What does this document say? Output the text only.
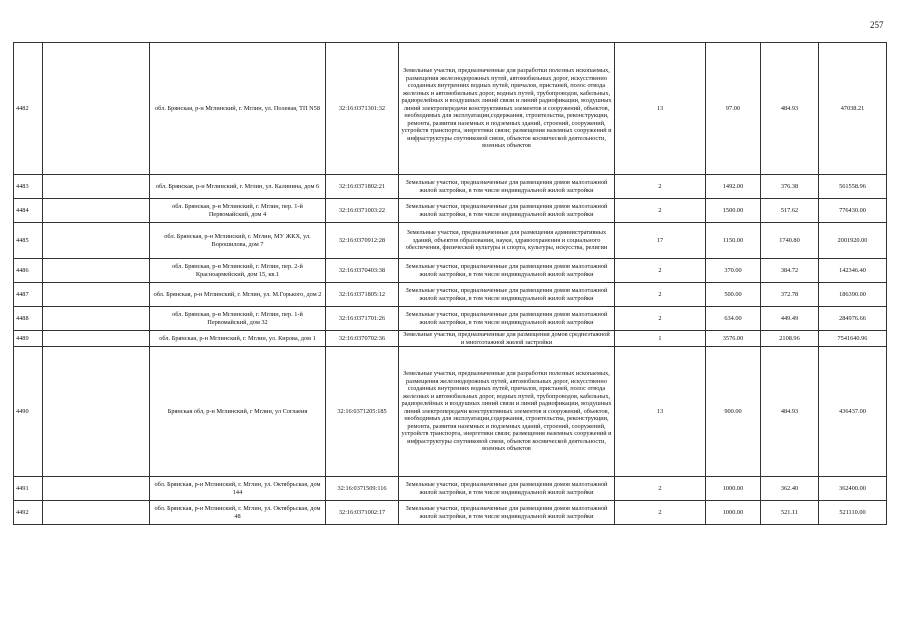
257
4482		обл. Брянская, р-н Мглинский, г. Мглин, ул. Полевая, ТП N58	32:16:0371301:32	Земельные участки, предназначенные для разработки полезных ископаемых, размещения железнодорожных путей, автомобильных дорог, искусственно созданных внутренних водных путей, причалов, пристаней, полос отвода железных и автомобильных дорог, водных путей, трубопроводов, кабельных, радиорелейных и воздушных линий связи и линий радиофикации, воздушных линий электропередачи конструктивных элементов и сооружений, объектов, необходимых для эксплуатации,содержания, строительства, реконструкции, ремонта, развития наземных и подземных зданий, строений, сооружений, устройств транспорта, энергетики связи; размещения наземных сооружений и инфраструктуры спутниковой связи, объектов космической деятельности, военных объектов	13	97.00	484.93	47038.21
4483		обл. Брянская, р-н Мглинский, г. Мглин, ул. Калинина, дом 6	32:16:0371802:21	Земельные участки, предназначенные для размещения домов малоэтажной жилой застройки, в том числе индивидуальной жилой застройки	2	1492.00	376.38	561558.96
4484		обл. Брянская, р-н Мглинский, г. Мглин, пер. 1-й Первомайский, дом 4	32:16:0371003:22	Земельные участки, предназначенные для размещения домов малоэтажной жилой застройки, в том числе индивидуальной жилой застройки	2	1500.00	517.62	776430.00
4485		обл. Брянская, р-н Мглинский, г. Мглин, МУ ЖКХ, ул. Ворошилова, дом 7	32:16:0370912:28	Земельные участки, предназначенные для размещения административных зданий, объектов образования, науки, здравоохранения и социального обеспечения, физической культуры и спорта, культуры, искусства, религии	17	1150.00	1740.80	2001920.00
4486		обл. Брянская, р-н Мглинский, г. Мглин, пер. 2-й Красноармейский, дом 15, кв.1	32:16:0370403:38	Земельные участки, предназначенные для размещения домов малоэтажной жилой застройки, в том числе индивидуальной жилой застройки	2	370.00	384.72	142346.40
4487		обл. Брянская, р-н Мглинский, г. Мглин, ул. М.Горького, дом 2	32:16:0371805:12	Земельные участки, предназначенные для размещения домов малоэтажной жилой застройки, в том числе индивидуальной жилой застройки	2	500.00	372.78	186390.00
4488		обл. Брянская, р-н Мглинский, г. Мглин, пер. 1-й Первомайский, дом 32	32:16:0371701:26	Земельные участки, предназначенные для размещения домов малоэтажной жилой застройки, в том числе индивидуальной жилой застройки	2	634.00	449.49	284976.66
4489		обл. Брянская, р-н Мглинский, г. Мглин, ул. Кирова, дом 1	32:16:0370702:36	Земельные участки, предназначенные для размещения домов среднеэтажной и многоэтажной жилой застройки	1	3576.00	2108.96	7541640.96
4490		Брянская обл, р-н Мглинский, г Мглин, ул Соглаеия	32:16:0371205:185	Земельные участки, предназначенные для разработки полезных ископаемых, размещения железнодорожных путей, автомобильных дорог, искусственно созданных внутренних водных путей, причалов, пристаней, полос отвода железных и автомобильных дорог, водных путей, трубопроводов, кабельных, радиорелейных и воздушных линий связи и линий радиофикации, воздушных линий электропередачи конструктивных элементов и сооружений, объектов, необходимых для эксплуатации,содержания, строительства, реконструкции, ремонта, развития наземных и подземных зданий, строений, сооружений, устройств транспорта, энергетики связи; размещения наземных сооружений и инфраструктуры спутниковой связи, объектов космической деятельности, военных объектов	13	900.00	484.93	436437.00
4491		обл. Брянская, р-н Мглинский, г. Мглин, ул. Октябрьская, дом 144	32:16:0371509:116	Земельные участки, предназначенные для размещения домов малоэтажной жилой застройки, в том числе индивидуальной жилой застройки	2	1000.00	362.40	362400.00
4492		обл. Брянская, р-н Мглинский, г. Мглин, ул. Октябрьская, дом 48	32:16:0371002:17	Земельные участки, предназначенные для размещения домов малоэтажной жилой застройки, в том числе индивидуальной жилой застройки	2	1000.00	521.11	521110.00
